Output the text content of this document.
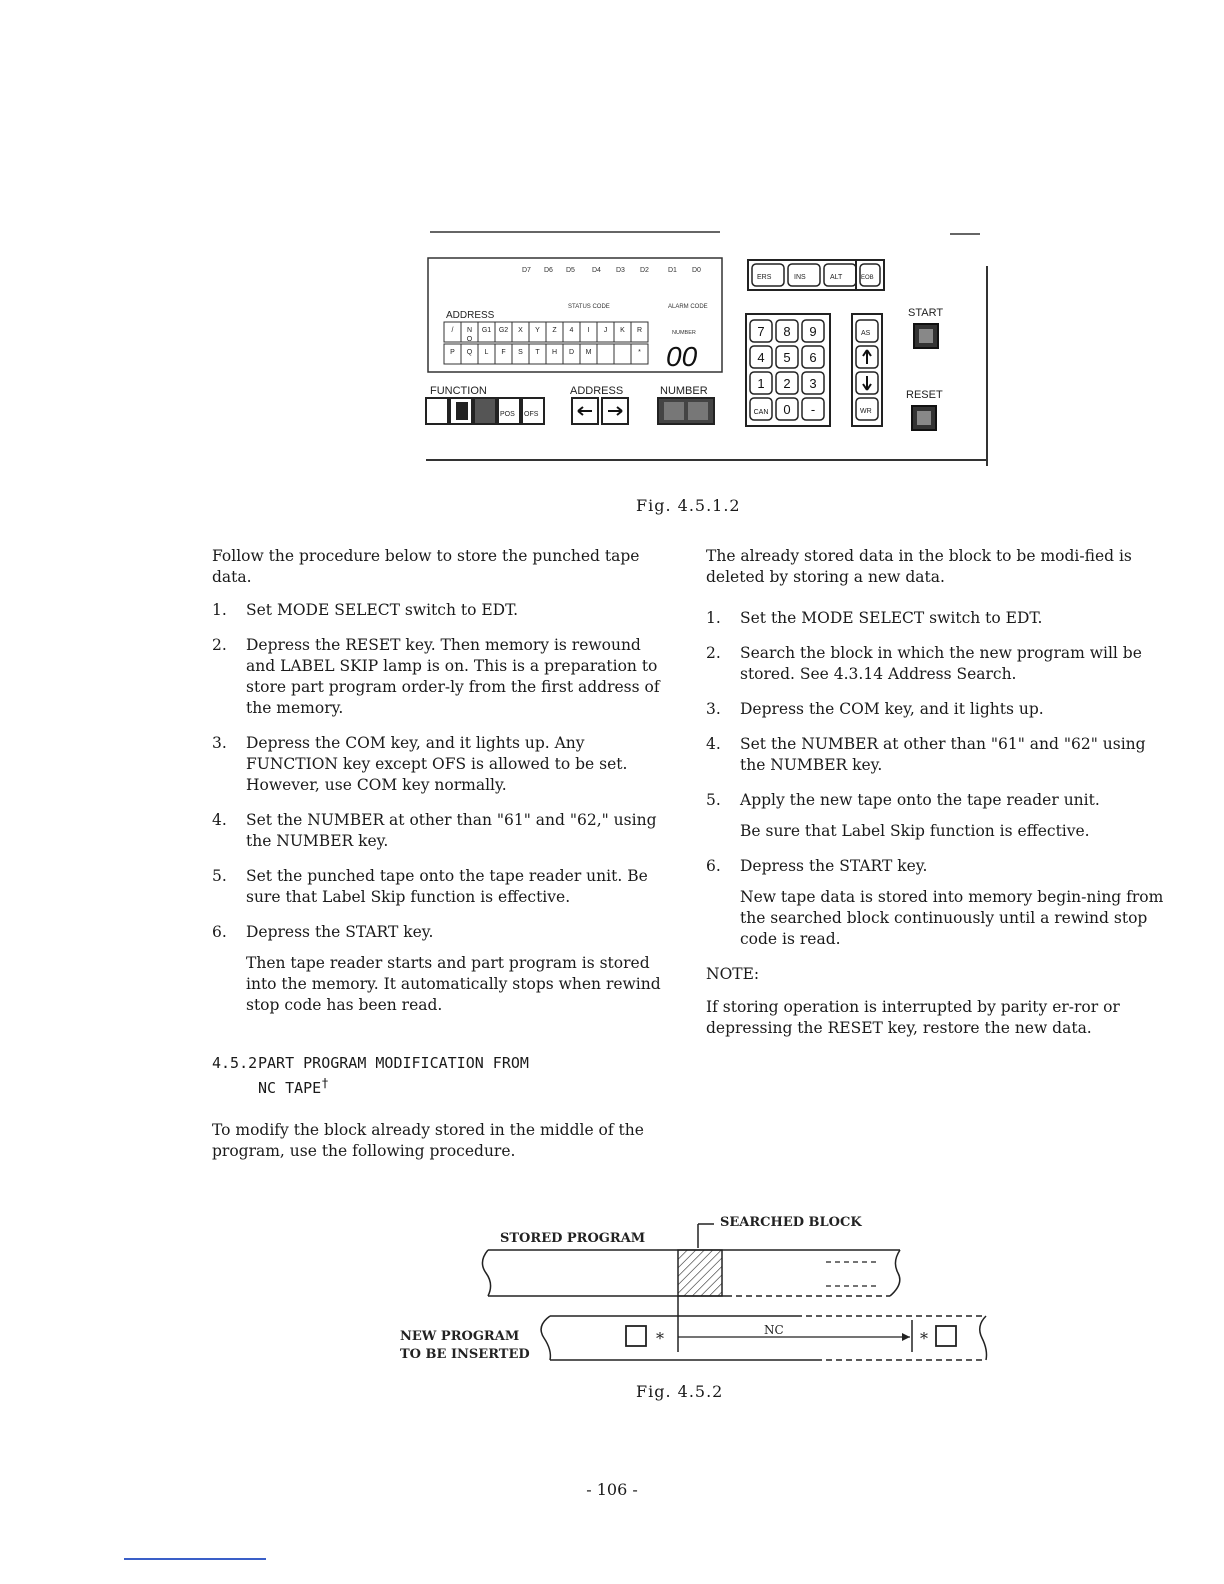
D7 D6 D5 D4 D3 D2	D1 D0
STATUS CODE	ALARM CODE
NUMBER
ADDRESS
/ N G1 G2 X Y Z 4 I J K R
P Q L F S T H D M	*
O
00
FUNCTION	ADDRESS	NUMBER
POS OFS
ERS	INS	ALT	EOB
7 8 9
4 5 6
1 2 3
CAN 0 -
AS
WR
START
RESET
Fig. 4.5.1.2

Follow the procedure below to store the punched tape data.

1. Set MODE SELECT switch to EDT.
2. Depress the RESET key. Then memory is rewound and LABEL SKIP lamp is on. This is a preparation to store part program order-ly from the first address of the memory.
3. Depress the COM key, and it lights up. Any FUNCTION key except OFS is allowed to be set. However, use COM key normally.
4. Set the NUMBER at other than "61" and "62," using the NUMBER key.
5. Set the punched tape onto the tape reader unit. Be sure that Label Skip function is effective.
6. Depress the START key.
Then tape reader starts and part program is stored into the memory. It automatically stops when rewind stop code has been read.
4.5.2PART PROGRAM MODIFICATION FROM
NC TAPE†

To modify the block already stored in the middle of the program, use the following procedure.

The already stored data in the block to be modi-fied is deleted by storing a new data.

1. Set the MODE SELECT switch to EDT.
2. Search the block in which the new program will be stored. See 4.3.14 Address Search.
3. Depress the COM key, and it lights up.
4. Set the NUMBER at other than "61" and "62" using the NUMBER key.
5. Apply the new tape onto the tape reader unit.
Be sure that Label Skip function is effective.
6. Depress the START key.
New tape data is stored into memory begin-ning from the searched block continuously until a rewind stop code is read.

NOTE:

If storing operation is interrupted by parity er-ror or depressing the RESET key, restore the new data.

STORED PROGRAM
SEARCHED BLOCK
NEW PROGRAM
TO BE INSERTED
*	NC	*
Fig. 4.5.2
- 106 -
